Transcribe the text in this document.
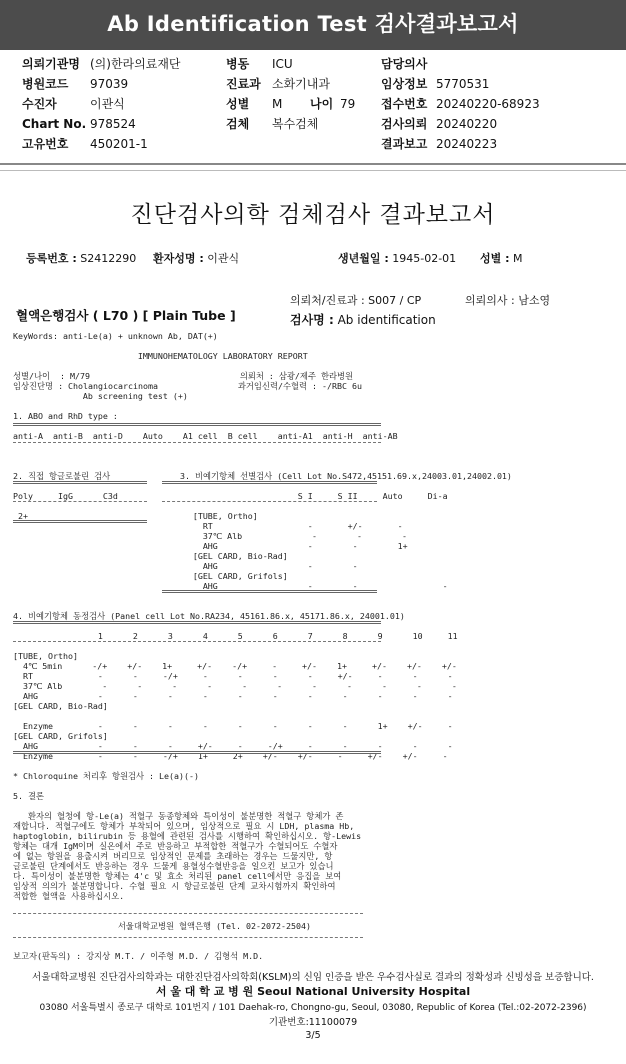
Ab Identification Test 검사결과보고서
의뢰기관명 (의)한라의료재단
병원코드 97039
수진자	이관식
Chart No. 978524
고유번호 450201-1
병동 ICU
진료과 소화기내과
성별 M 나이 79
검체 복수검체
담당의사
임상정보 5770531
접수번호 20240220-68923
검사의뢰 20240220
결과보고 20240223
진단검사의학 검체검사 결과보고서
등록번호 : S2412290 환자성명 : 이관식	생년월일 : 1945-02-01 성별 : M
의뢰처/진료과 : S007 / CP	의뢰의사 : 남소영
혈액은행검사 ( L70 ) [ Plain Tube ]	검사명 : Ab identification
KeyWords: anti-Le(a) + unknown Ab, DAT(+)

IMMUNOHEMATOLOGY LABORATORY REPORT

성별/나이  : M/79                              의뢰처 : 삼광/제주 한라병원
임상진단명 : Cholangiocarcinoma                과거임신력/수혈력 : -/RBC 6u
Ab screening test (+)

1. ABO and RhD type :

anti-A  anti-B  anti-D    Auto    A1 cell  B cell    anti-A1  anti-H  anti-AB

2. 직접 항글로불린 검사              3. 비예기항체 선별검사 (Cell Lot No.S472,45151.69.x,24003.01,24002.01)

Poly     IgG      C3d                                    S I     S II     Auto     Di-a

2+                                 [TUBE, Ortho]
RT                   -       +/-       -
37℃ Alb              -        -        -
AHG                  -        -        1+
[GEL CARD, Bio-Rad]
AHG                  -        -
[GEL CARD, Grifols]
AHG                  -        -                 -

4. 비예기항체 동정검사 (Panel cell Lot No.RA234, 45161.86.x, 45171.86.x, 24001.01)

1      2      3      4      5      6      7      8      9      10     11

[TUBE, Ortho]
4℃ 5min      -/+    +/-    1+     +/-    -/+     -     +/-    1+     +/-    +/-    +/-
RT             -      -     -/+     -      -      -      -     +/-     -      -      -
37℃ Alb        -      -      -      -      -      -      -      -      -      -      -
AHG            -      -      -      -      -      -      -      -      -      -      -
[GEL CARD, Bio-Rad]

Enzyme         -      -      -      -      -      -      -      -      1+    +/-     -
[GEL CARD, Grifols]
AHG            -      -      -     +/-     -     -/+     -      -      -      -      -
Enzyme         -      -     -/+    1+     2+    +/-    +/-     -     +/-    +/-     -

* Chloroquine 처리후 항원검사 : Le(a)(-)

5. 결론

환자의 혈청에 항-Le(a) 적혈구 동종항체와 특이성이 불분명한 적혈구 항체가 존
재합니다. 적혈구에도 항체가 부착되어 있으며, 임상적으로 필요 시 LDH, plasma Hb,
haptoglobin, bilirubin 등 용혈에 관련된 검사를 시행하여 확인하십시오. 항-Lewis
항체는 대개 IgM이며 실온에서 주로 반응하고 부적합한 적혈구가 수혈되어도 수혈자
에 없는 항원을 용출시켜 버리므로 임상적인 문제를 초래하는 경우는 드물지만, 항
글로불린 단계에서도 반응하는 경우 드물게 용혈성수혈반응을 일으킨 보고가 있습니
다. 특이성이 불분명한 항체는 4'c 및 효소 처리된 panel cell에서만 응집을 보여
임상적 의의가 불분명합니다. 수혈 필요 시 항글로불린 단계 교차시험까지 확인하여
적합한 혈액을 사용하십시오.

서울대학교병원 혈액은행 (Tel. 02-2072-2504)

보고자(판독의) : 강지상 M.T. / 이주형 M.D. / 김형석 M.D.
서울대학교병원 진단검사의학과는 대한진단검사의학회(KSLM)의 신임 인증을 받은 우수검사실로 결과의 정확성과 신빙성을 보증합니다.
서 울 대 학 교 병 원 Seoul National University Hospital
03080 서울특별시 종로구 대학로 101번지 / 101 Daehak-ro, Chongno-gu, Seoul, 03080, Republic of Korea (Tel.:02-2072-2396)
기관번호:11100079
3/5
